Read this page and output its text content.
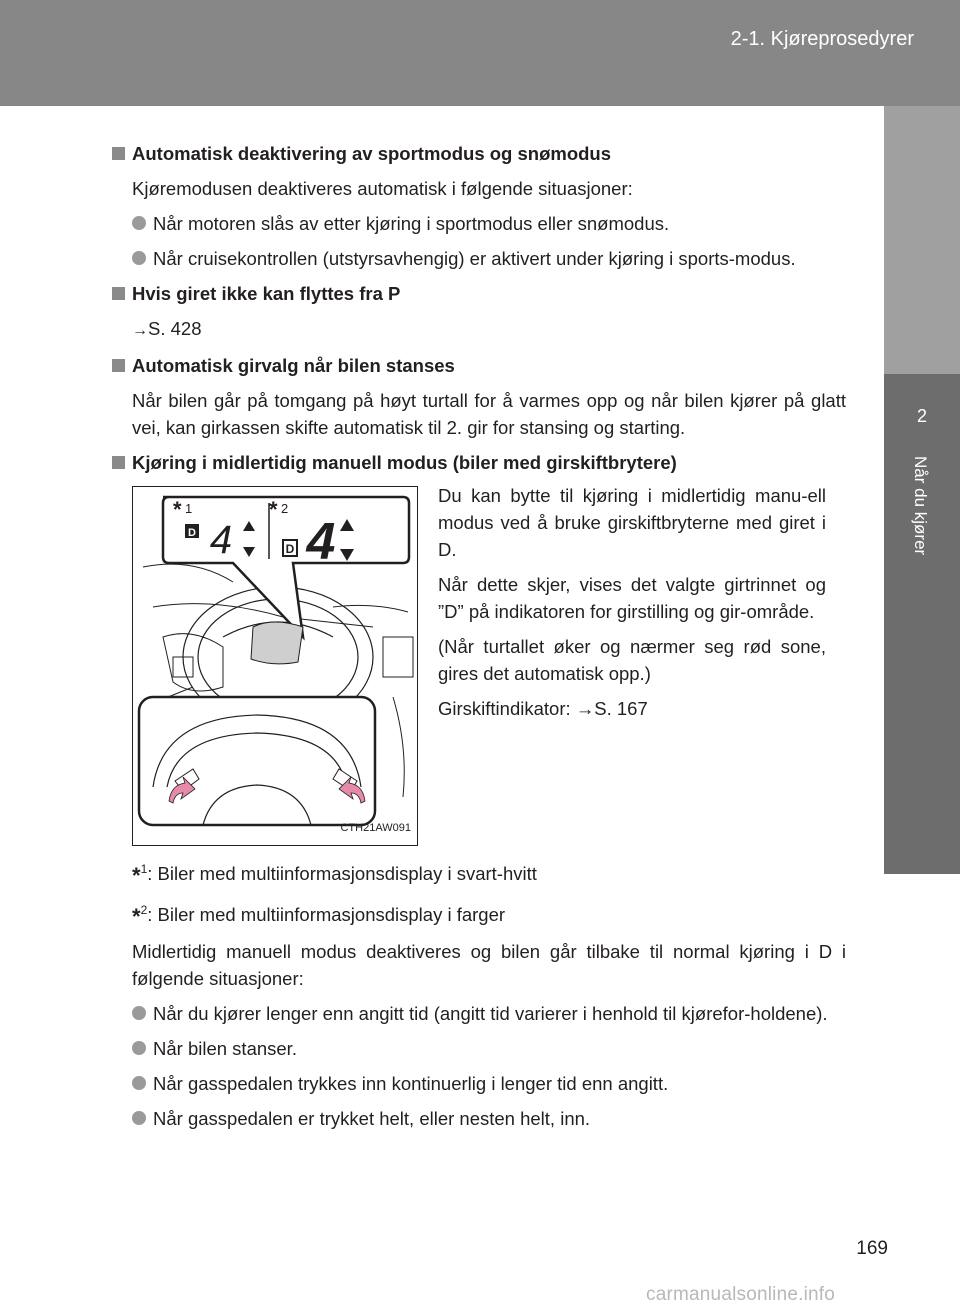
2-1. Kjøreprosedyrer
2
Når du kjører
Automatisk deaktivering av sportmodus og snømodus

Kjøremodusen deaktiveres automatisk i følgende situasjoner:

Når motoren slås av etter kjøring i sportmodus eller snømodus.
Når cruisekontrollen (utstyrsavhengig) er aktivert under kjøring i sports-modus.
Hvis giret ikke kan flyttes fra P

→S. 428

Automatisk girvalg når bilen stanses

Når bilen går på tomgang på høyt turtall for å varmes opp og når bilen kjører på glatt vei, kan girkassen skifte automatisk til 2. gir for stansing og starting.

Kjøring i midlertidig manuell modus (biler med girskiftbrytere)
D 4	D 4
* 1	* 2
CTH21AW091

Du kan bytte til kjøring i midlertidig manu-ell modus ved å bruke girskiftbryterne med giret i D.

Når dette skjer, vises det valgte girtrinnet og ”D” på indikatoren for girstilling og gir-område.

(Når turtallet øker og nærmer seg rød sone, gires det automatisk opp.)

Girskiftindikator: →S. 167

*$^1$: Biler med multiinformasjonsdisplay i svart-hvitt
*$^2$: Biler med multiinformasjonsdisplay i farger

Midlertidig manuell modus deaktiveres og bilen går tilbake til normal kjøring i D i følgende situasjoner:

Når du kjører lenger enn angitt tid (angitt tid varierer i henhold til kjørefor-holdene).
Når bilen stanser.
Når gasspedalen trykkes inn kontinuerlig i lenger tid enn angitt.
Når gasspedalen er trykket helt, eller nesten helt, inn.
169
carmanualsonline.info
